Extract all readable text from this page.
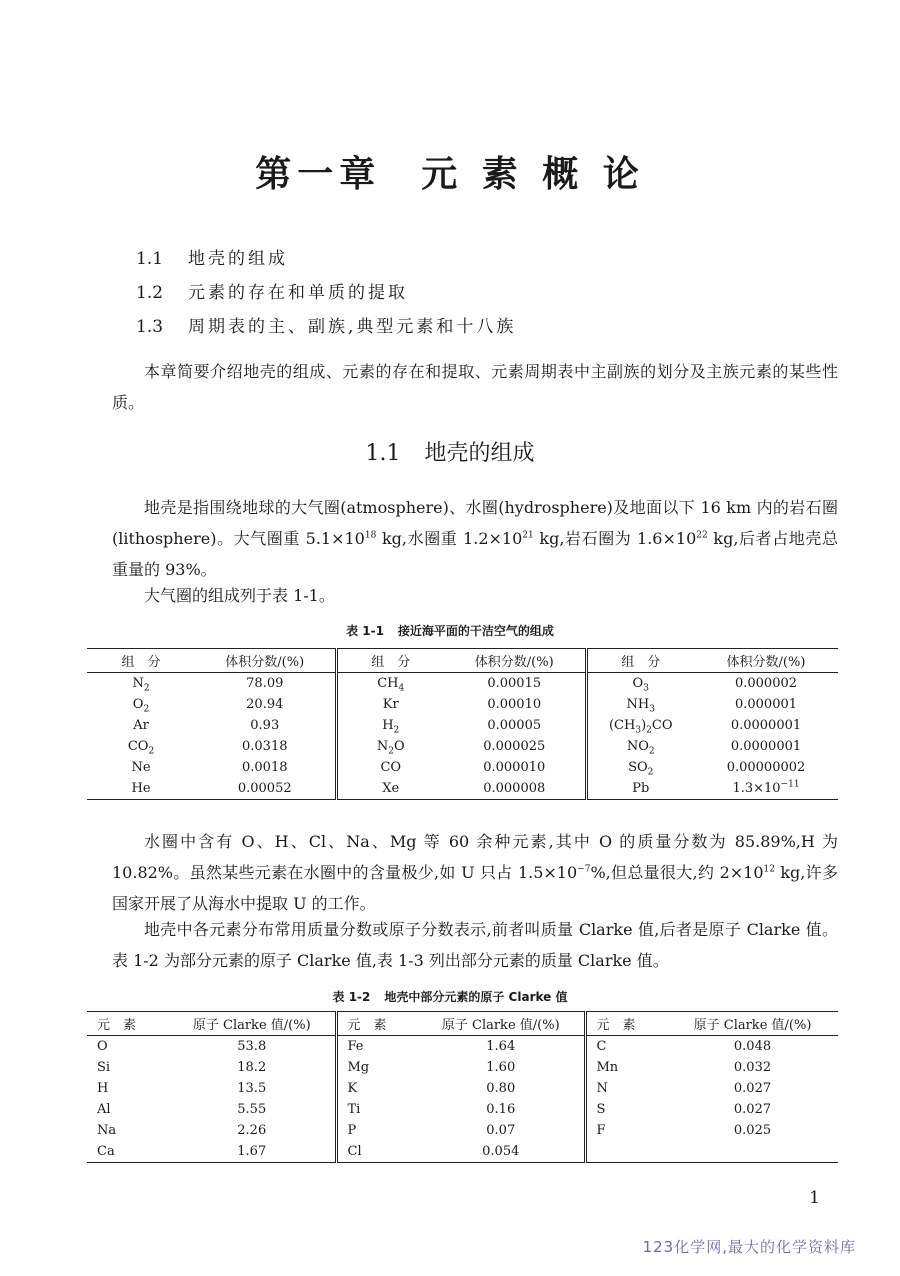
第一章 元 素 概 论
1.1 地壳的组成
1.2 元素的存在和单质的提取
1.3 周期表的主、副族,典型元素和十八族
本章简要介绍地壳的组成、元素的存在和提取、元素周期表中主副族的划分及主族元素的某些性质。
1.1 地壳的组成
地壳是指围绕地球的大气圈(atmosphere)、水圈(hydrosphere)及地面以下 16 km 内的岩石圈(lithosphere)。大气圈重 $5.1\times 10^{18}$ kg,水圈重 $1.2\times 10^{21}$ kg,岩石圈为 $1.6\times 10^{22}$ kg,后者占地壳总重量的 93%。
大气圈的组成列于表 1-1。
表 1-1 接近海平面的干洁空气的组成
组　分	体积分数/(%)	组　分	体积分数/(%)	组　分	体积分数/(%)
$N_2$	78.09	$CH_4$	0.00015	$O_3$	0.000002
$O_2$	20.94	Kr	0.00010	$NH_3$	0.000001
Ar	0.93	$H_2$	0.00005	$(CH_3)_2CO$	0.0000001
$CO_2$	0.0318	$N_2O$	0.000025	$NO_2$	0.0000001
Ne	0.0018	CO	0.000010	$SO_2$	0.00000002
He	0.00052	Xe	0.000008	Pb	$1.3\times 10^{-11}$
水圈中含有 O、H、Cl、Na、Mg 等 60 余种元素,其中 O 的质量分数为 85.89%,H 为 10.82%。虽然某些元素在水圈中的含量极少,如 U 只占 $1.5\times 10^{-7}\%$,但总量很大,约 $2\times 10^{12}$ kg,许多国家开展了从海水中提取 U 的工作。
地壳中各元素分布常用质量分数或原子分数表示,前者叫质量 Clarke 值,后者是原子 Clarke 值。表 1-2 为部分元素的原子 Clarke 值,表 1-3 列出部分元素的质量 Clarke 值。
表 1-2 地壳中部分元素的原子 Clarke 值
元　素	原子 Clarke 值/(%)	元　素	原子 Clarke 值/(%)	元　素	原子 Clarke 值/(%)
O	53.8	Fe	1.64	C	0.048
Si	18.2	Mg	1.60	Mn	0.032
H	13.5	K	0.80	N	0.027
Al	5.55	Ti	0.16	S	0.027
Na	2.26	P	0.07	F	0.025
Ca	1.67	Cl	0.054		
1
123化学网,最大的化学资料库
